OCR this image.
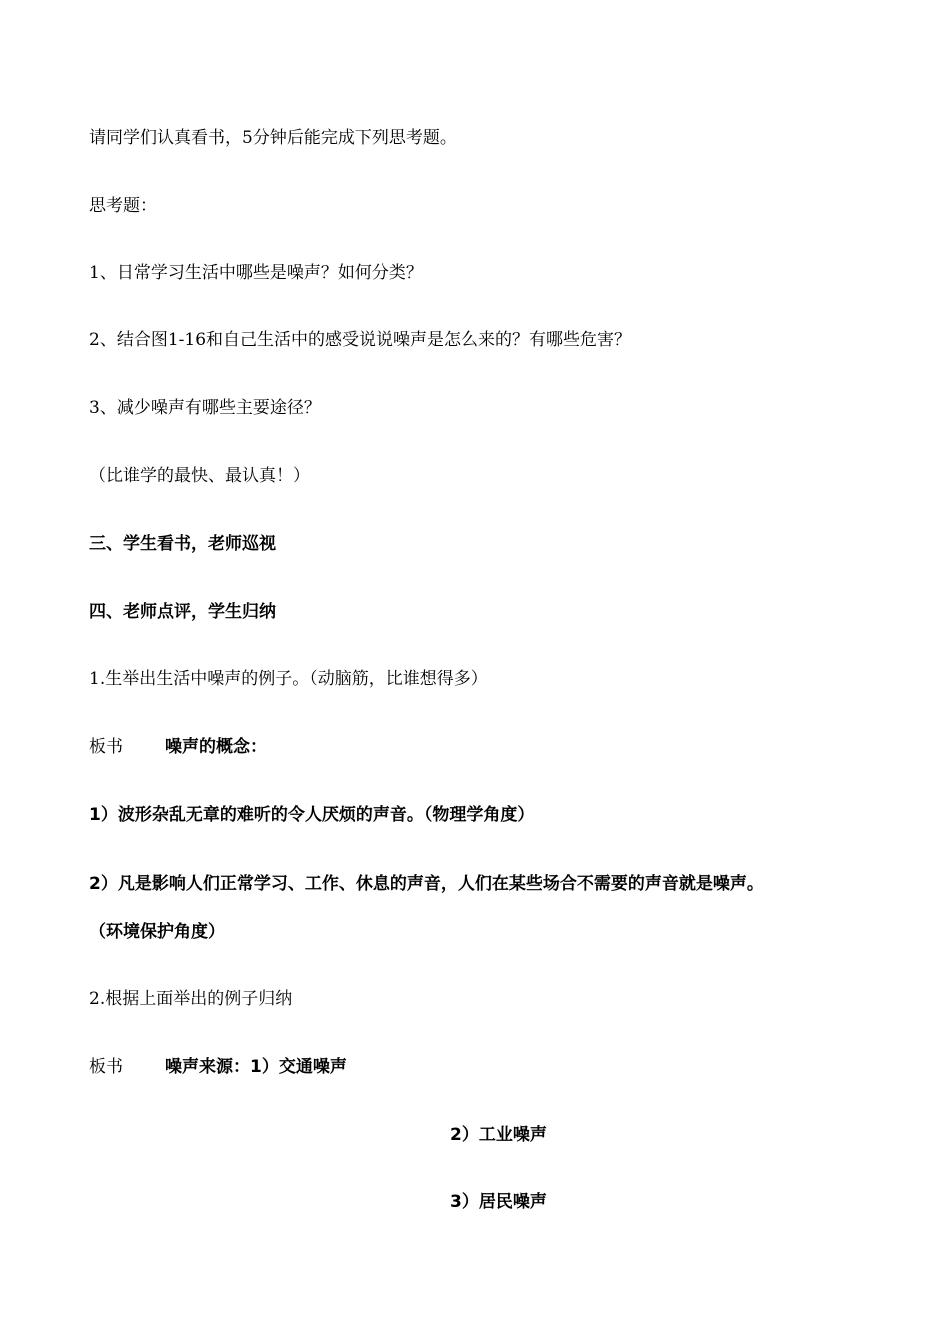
请同学们认真看书，5分钟后能完成下列思考题。
思考题：
1、日常学习生活中哪些是噪声？如何分类？
2、结合图1-16和自己生活中的感受说说噪声是怎么来的？有哪些危害？
3、减少噪声有哪些主要途径？
（比谁学的最快、最认真！）
三、学生看书，老师巡视
四、老师点评，学生归纳
1.生举出生活中噪声的例子。（动脑筋，比谁想得多）
板书 噪声的概念：
1）波形杂乱无章的难听的令人厌烦的声音。（物理学角度）
2）凡是影响人们正常学习、工作、休息的声音，人们在某些场合不需要的声音就是噪声。
（环境保护角度）
2.根据上面举出的例子归纳
板书 噪声来源：1）交通噪声
2）工业噪声
3）居民噪声
